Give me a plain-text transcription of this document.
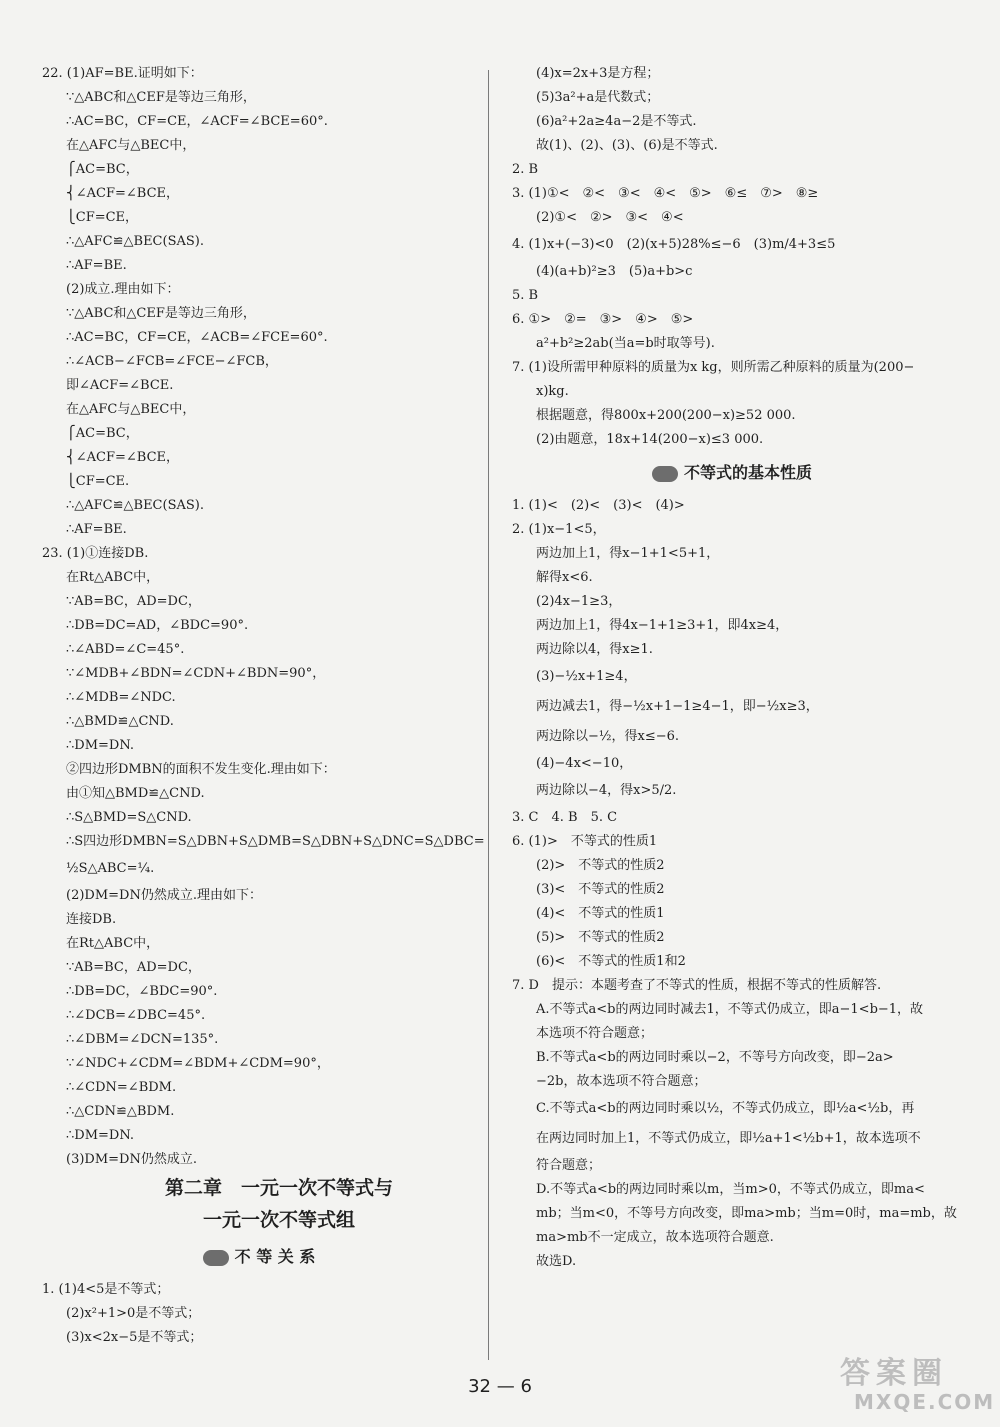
22. (1)AF=BE.证明如下：
∵△ABC和△CEF是等边三角形，
∴AC=BC，CF=CE，∠ACF=∠BCE=60°.
在△AFC与△BEC中，
⎧AC=BC，
⎨∠ACF=∠BCE，
⎩CF=CE，
∴△AFC≌△BEC(SAS).
∴AF=BE.
(2)成立.理由如下：
∵△ABC和△CEF是等边三角形，
∴AC=BC，CF=CE，∠ACB=∠FCE=60°.
∴∠ACB−∠FCB=∠FCE−∠FCB，
即∠ACF=∠BCE.
在△AFC与△BEC中，
⎧AC=BC，
⎨∠ACF=∠BCE，
⎩CF=CE.
∴△AFC≌△BEC(SAS).
∴AF=BE.
23. (1)①连接DB.
在Rt△ABC中，
∵AB=BC，AD=DC，
∴DB=DC=AD，∠BDC=90°.
∴∠ABD=∠C=45°.
∵∠MDB+∠BDN=∠CDN+∠BDN=90°，
∴∠MDB=∠NDC.
∴△BMD≌△CND.
∴DM=DN.
②四边形DMBN的面积不发生变化.理由如下：
由①知△BMD≌△CND.
∴S△BMD=S△CND.
∴S四边形DMBN=S△DBN+S△DMB=S△DBN+S△DNC=S△DBC=
½S△ABC=¼.
(2)DM=DN仍然成立.理由如下：
连接DB.
在Rt△ABC中，
∵AB=BC，AD=DC，
∴DB=DC，∠BDC=90°.
∴∠DCB=∠DBC=45°.
∴∠DBM=∠DCN=135°.
∵∠NDC+∠CDM=∠BDM+∠CDM=90°，
∴∠CDN=∠BDM.
∴△CDN≌△BDM.
∴DM=DN.
(3)DM=DN仍然成立.
第二章　一元一次不等式与
一元一次不等式组
不 等 关 系
1. (1)4<5是不等式；
(2)x²+1>0是不等式；
(3)x<2x−5是不等式；
(4)x=2x+3是方程；
(5)3a²+a是代数式；
(6)a²+2a≥4a−2是不等式.
故(1)、(2)、(3)、(6)是不等式.
2. B
3. (1)①<　②<　③<　④<　⑤>　⑥≤　⑦>　⑧≥
(2)①<　②>　③<　④<
4. (1)x+(−3)<0　(2)(x+5)28%≤−6　(3)m/4+3≤5
(4)(a+b)²≥3　(5)a+b>c
5. B
6. ①>　②=　③>　④>　⑤>
a²+b²≥2ab(当a=b时取等号).
7. (1)设所需甲种原料的质量为x kg，则所需乙种原料的质量为(200−
x)kg.
根据题意，得800x+200(200−x)≥52 000.
(2)由题意，18x+14(200−x)≤3 000.
不等式的基本性质
1. (1)<　(2)<　(3)<　(4)>
2. (1)x−1<5，
两边加上1，得x−1+1<5+1，
解得x<6.
(2)4x−1≥3，
两边加上1，得4x−1+1≥3+1，即4x≥4，
两边除以4，得x≥1.
(3)−½x+1≥4，
两边减去1，得−½x+1−1≥4−1，即−½x≥3，
两边除以−½，得x≤−6.
(4)−4x<−10，
两边除以−4，得x>5/2.
3. C　4. B　5. C
6. (1)>　不等式的性质1
(2)>　不等式的性质2
(3)<　不等式的性质2
(4)<　不等式的性质1
(5)>　不等式的性质2
(6)<　不等式的性质1和2
7. D　提示：本题考查了不等式的性质，根据不等式的性质解答.
A.不等式a<b的两边同时减去1，不等式仍成立，即a−1<b−1，故
本选项不符合题意；
B.不等式a<b的两边同时乘以−2，不等号方向改变，即−2a>
−2b，故本选项不符合题意；
C.不等式a<b的两边同时乘以½，不等式仍成立，即½a<½b，再
在两边同时加上1，不等式仍成立，即½a+1<½b+1，故本选项不
符合题意；
D.不等式a<b的两边同时乘以m，当m>0，不等式仍成立，即ma<
mb；当m<0，不等号方向改变，即ma>mb；当m=0时，ma=mb，故
ma>mb不一定成立，故本选项符合题意.
故选D.
32 — 6	答案圈
MXQE.COM
